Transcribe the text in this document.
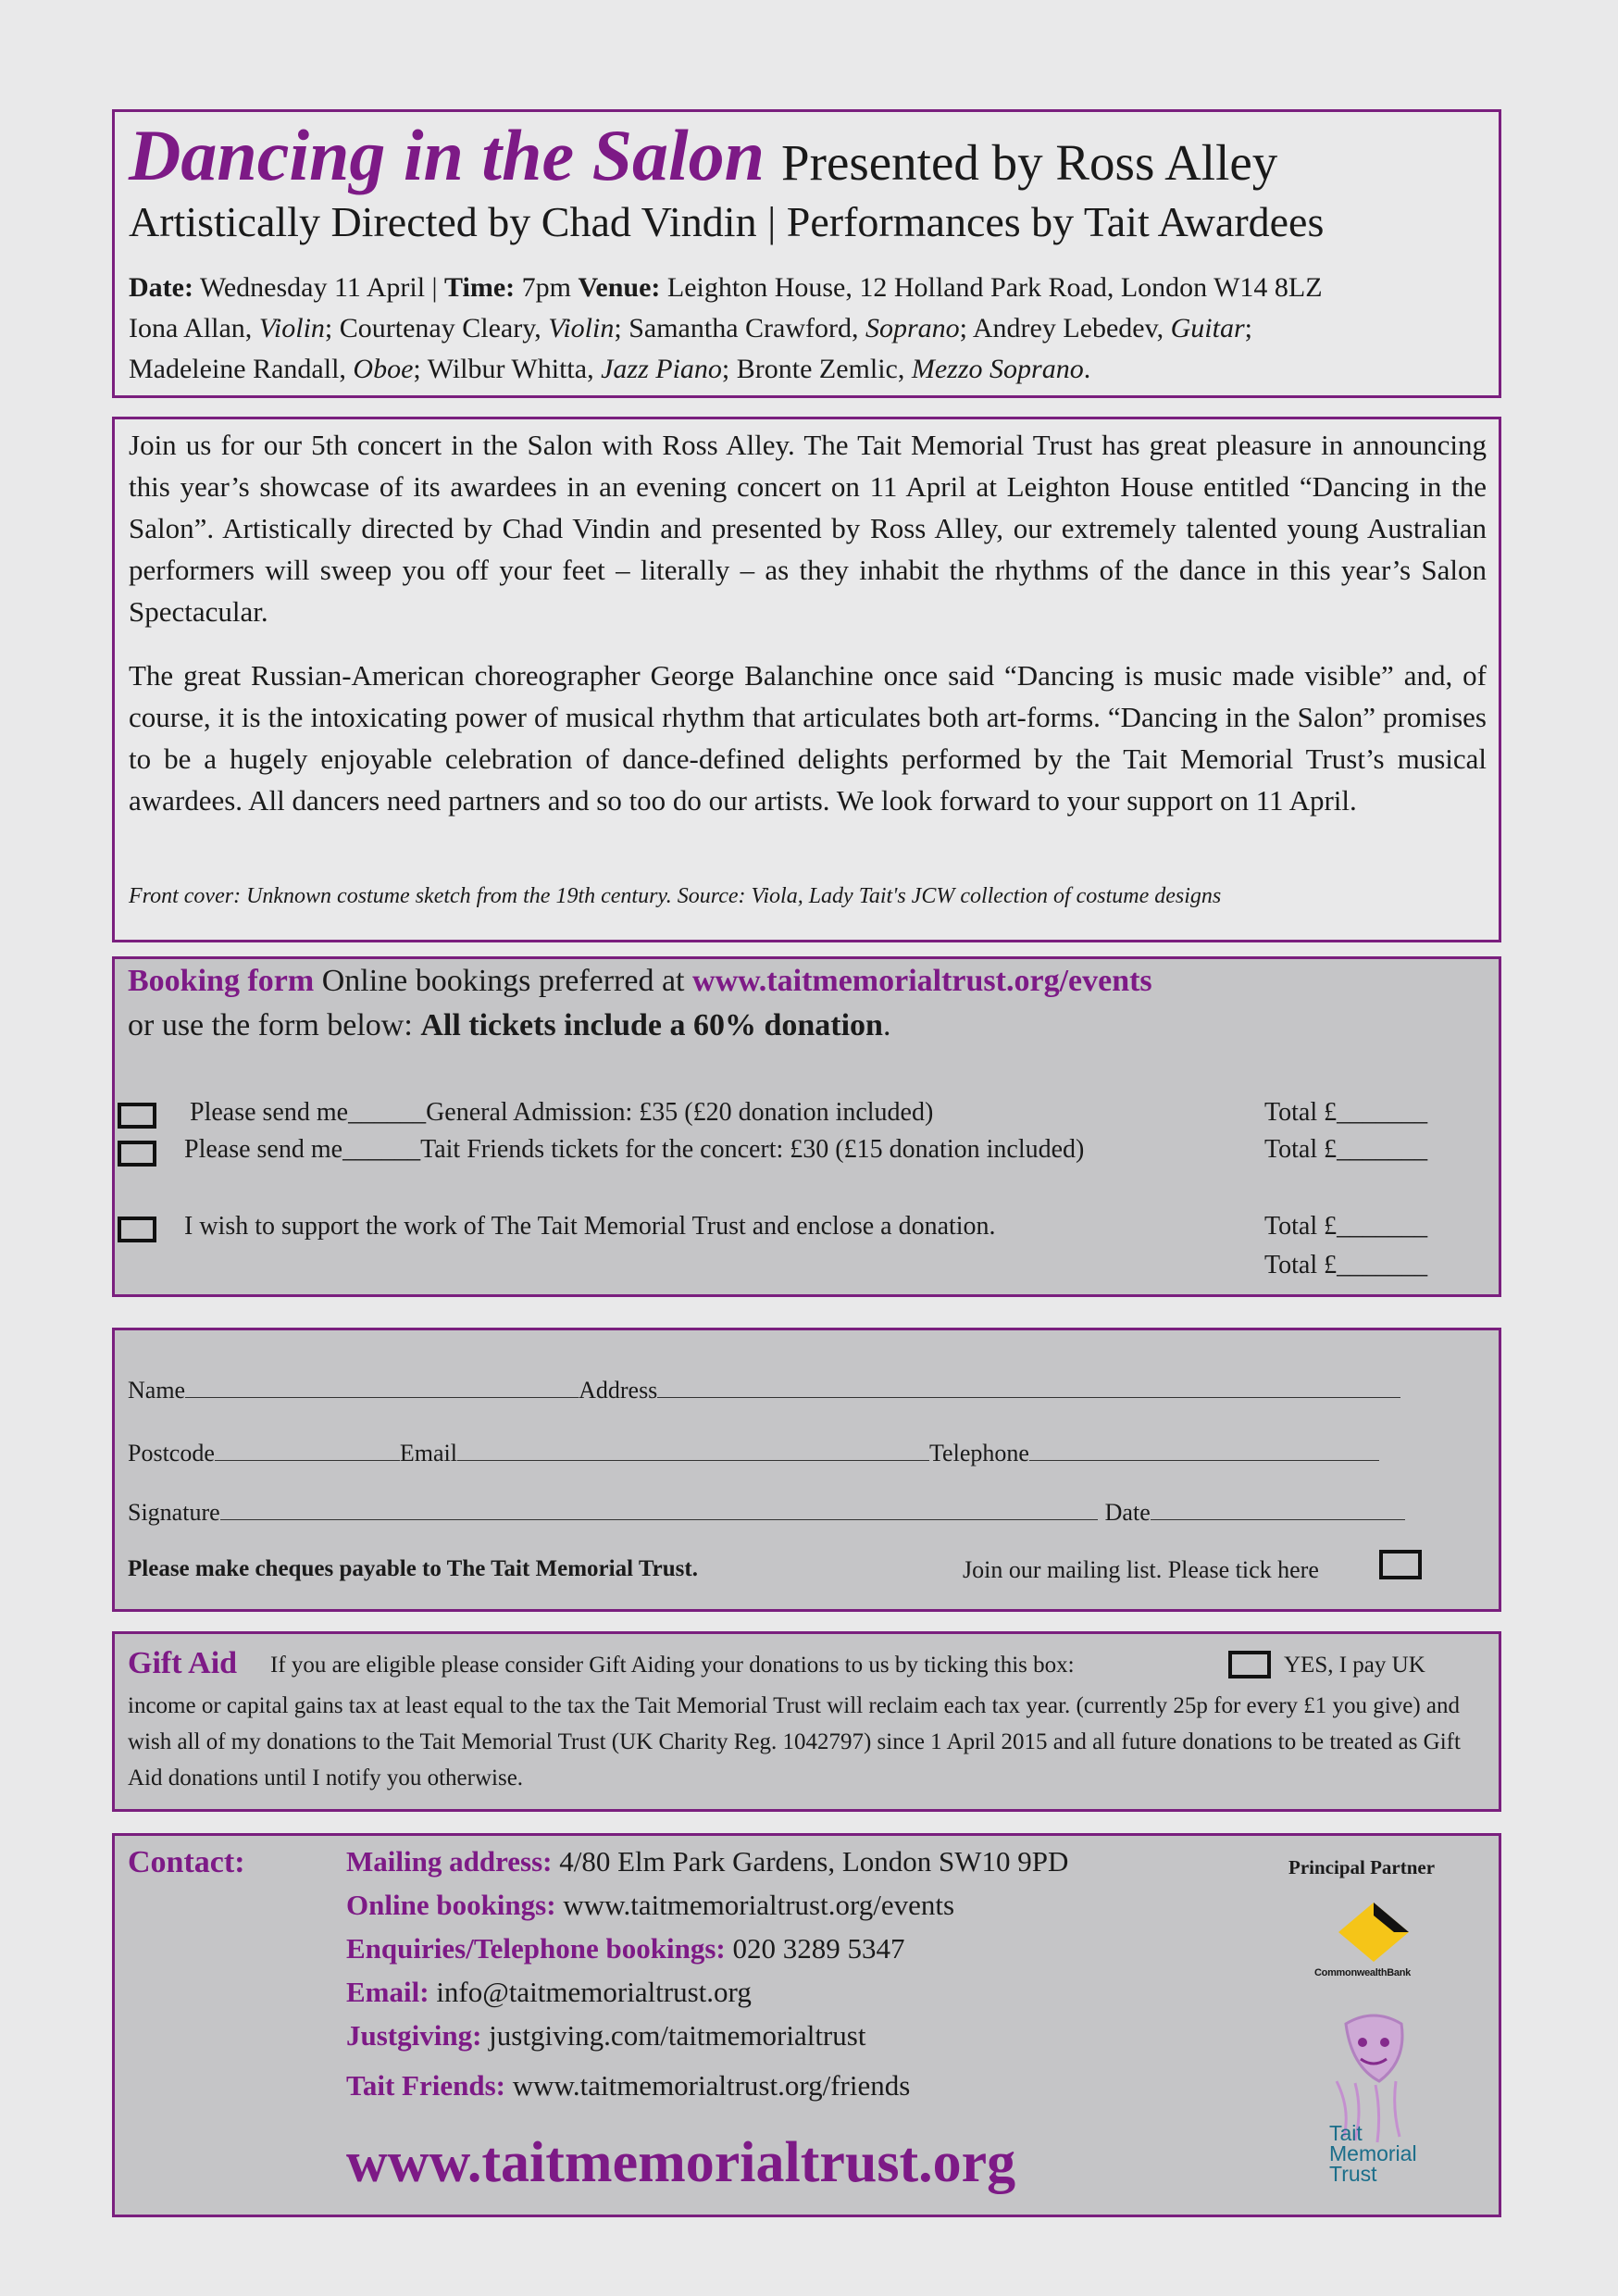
Dancing in the Salon Presented by Ross Alley
Artistically Directed by Chad Vindin | Performances by Tait Awardees
Date: Wednesday 11 April | Time: 7pm Venue: Leighton House, 12 Holland Park Road, London W14 8LZ
Iona Allan, Violin; Courtenay Cleary, Violin; Samantha Crawford, Soprano; Andrey Lebedev, Guitar;
Madeleine Randall, Oboe; Wilbur Whitta, Jazz Piano; Bronte Zemlic, Mezzo Soprano.

Join us for our 5th concert in the Salon with Ross Alley. The Tait Memorial Trust has great pleasure in announcing this year’s showcase of its awardees in an evening concert on 11 April at Leighton House entitled “Dancing in the Salon”. Artistically directed by Chad Vindin and presented by Ross Alley, our extremely talented young Australian performers will sweep you off your feet – literally – as they inhabit the rhythms of the dance in this year’s Salon Spectacular.

The great Russian-American choreographer George Balanchine once said “Dancing is music made visible” and, of course, it is the intoxicating power of musical rhythm that articulates both art-forms. “Dancing in the Salon” promises to be a hugely enjoyable celebration of dance-defined delights performed by the Tait Memorial Trust’s musical awardees. All dancers need partners and so too do our artists. We look forward to your support on 11 April.

Front cover: Unknown costume sketch from the 19th century. Source: Viola, Lady Tait's JCW collection of costume designs
Booking form Online bookings preferred at www.taitmemorialtrust.org/events
or use the form below: All tickets include a 60% donation.
Please send me______General Admission: £35 (£20 donation included)	Total £_______
Please send me______Tait Friends tickets for the concert: £30 (£15 donation included)	Total £_______
I wish to support the work of The Tait Memorial Trust and enclose a donation.	Total £_______
Total £_______
Name	Address
Postcode	Email	Telephone
Signature	Date
Please make cheques payable to The Tait Memorial Trust.	Join our mailing list. Please tick here
Gift Aid If you are eligible please consider Gift Aiding your donations to us by ticking this box:	YES, I pay UK
income or capital gains tax at least equal to the tax the Tait Memorial Trust will reclaim each tax year. (currently 25p for every £1 you give) and wish all of my donations to the Tait Memorial Trust (UK Charity Reg. 1042797) since 1 April 2015 and all future donations to be treated as Gift Aid donations until I notify you otherwise.
Contact:	Mailing address: 4/80 Elm Park Gardens, London SW10 9PD
Online bookings: www.taitmemorialtrust.org/events
Enquiries/Telephone bookings: 020 3289 5347
Email: info@taitmemorialtrust.org
Justgiving: justgiving.com/taitmemorialtrust
Tait Friends: www.taitmemorialtrust.org/friends
www.taitmemorialtrust.org
Principal Partner
CommonwealthBank
Tait
Memorial
Trust
